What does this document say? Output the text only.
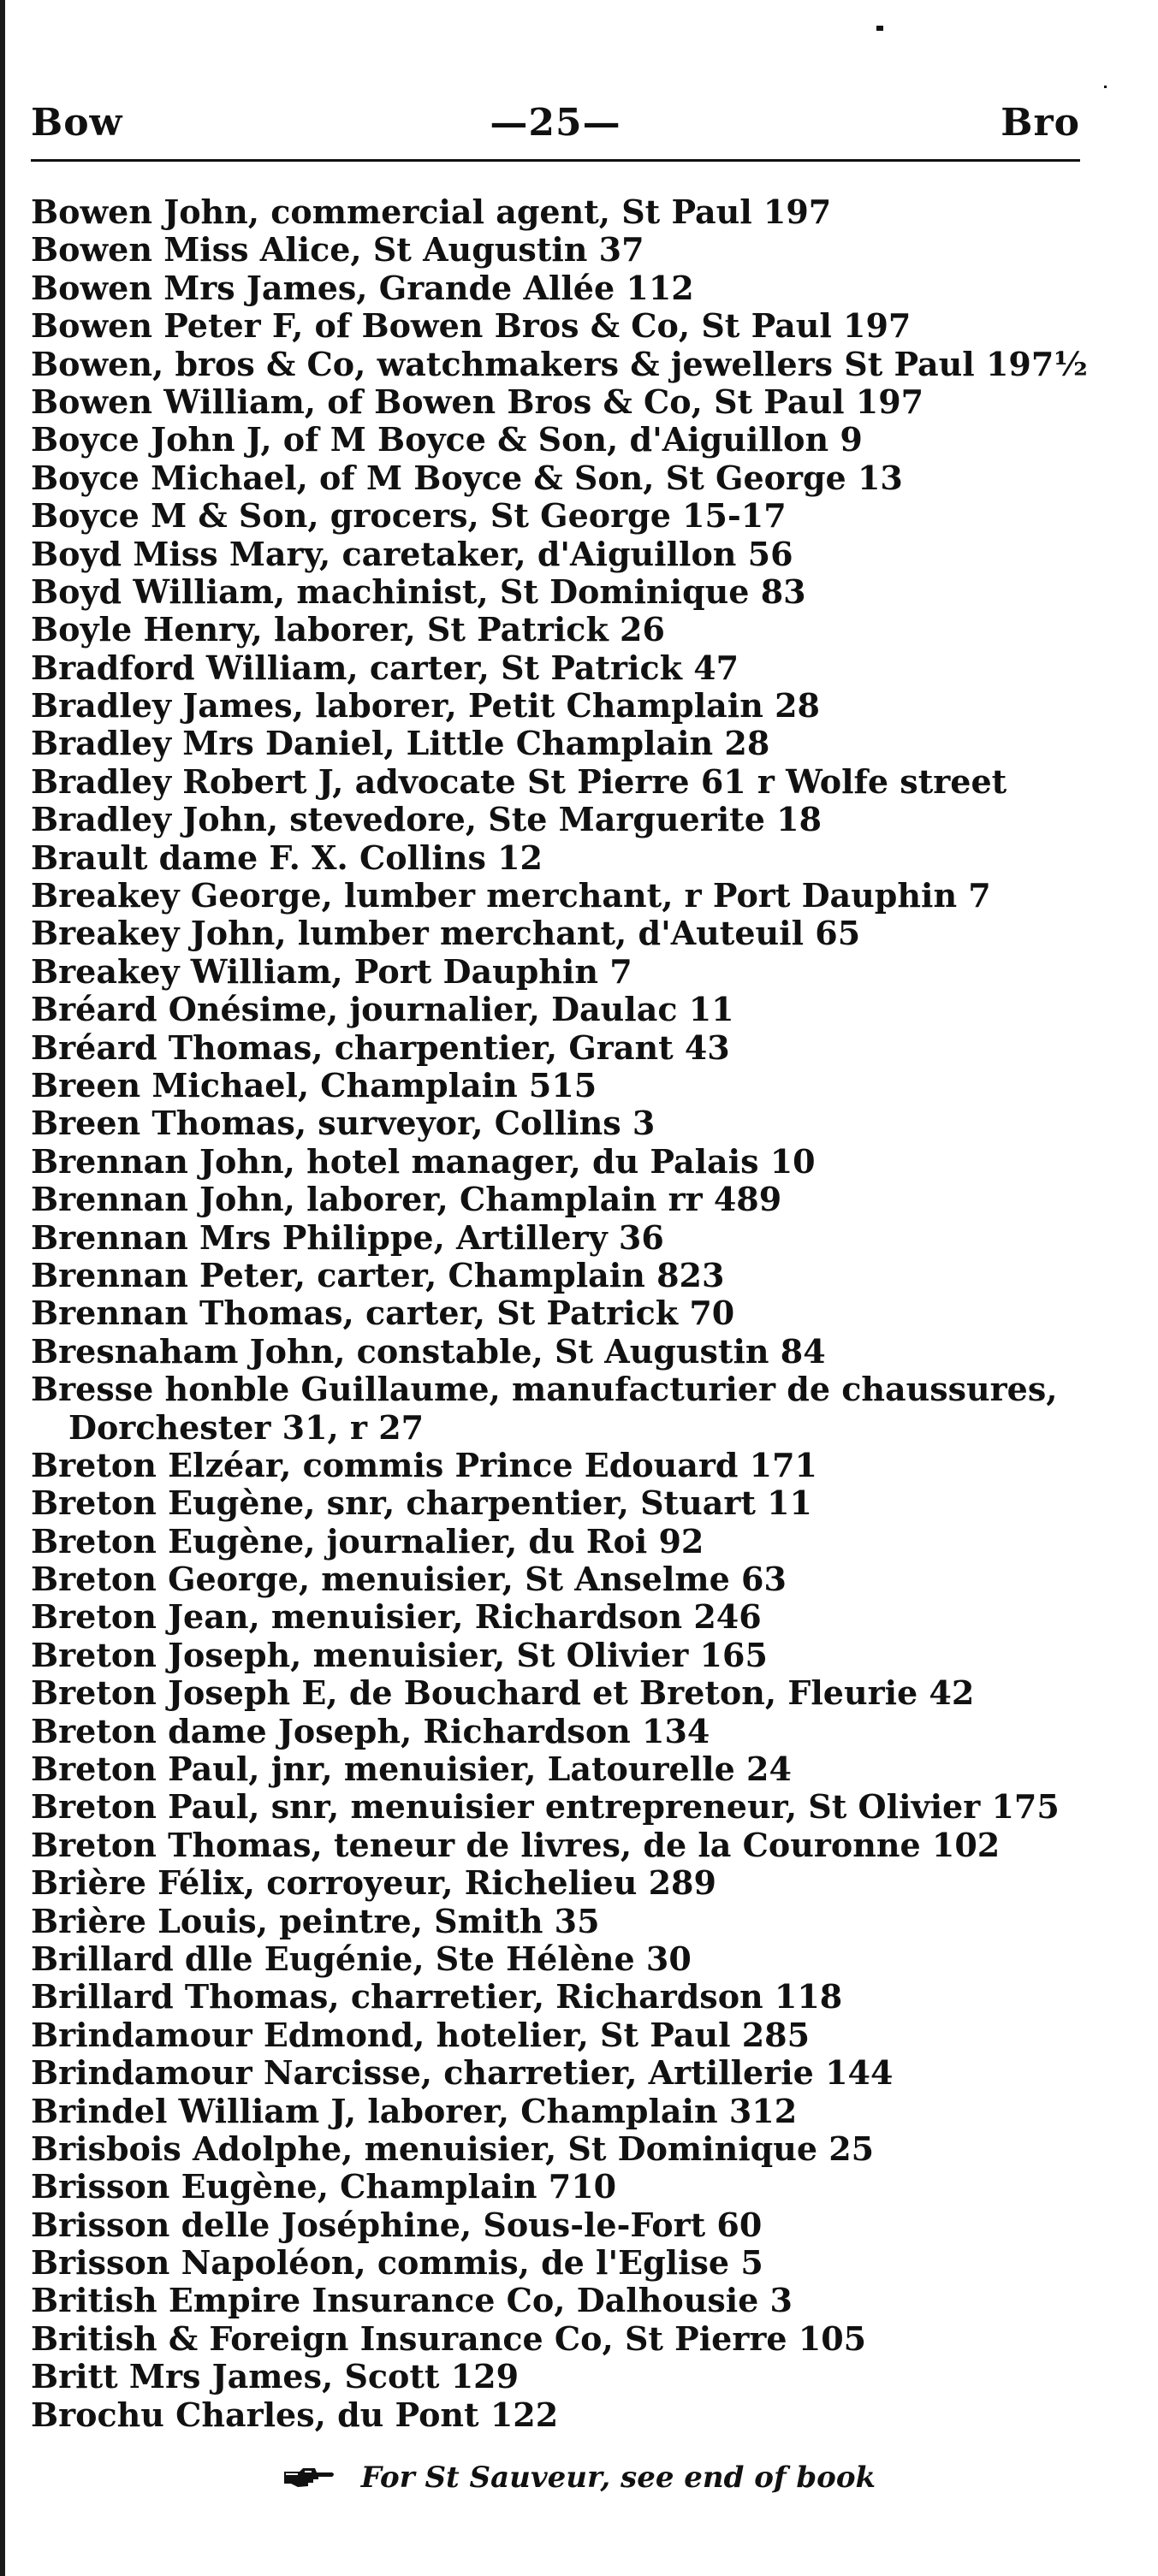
Bow	—25—	Bro
Bowen John, commercial agent, St Paul 197
Bowen Miss Alice, St Augustin 37
Bowen Mrs James, Grande Allée 112
Bowen Peter F, of Bowen Bros & Co, St Paul 197
Bowen, bros & Co, watchmakers & jewellers St Paul 197½
Bowen William, of Bowen Bros & Co, St Paul 197
Boyce John J, of M Boyce & Son, d'Aiguillon 9
Boyce Michael, of M Boyce & Son, St George 13
Boyce M & Son, grocers, St George 15-17
Boyd Miss Mary, caretaker, d'Aiguillon 56
Boyd William, machinist, St Dominique 83
Boyle Henry, laborer, St Patrick 26
Bradford William, carter, St Patrick 47
Bradley James, laborer, Petit Champlain 28
Bradley Mrs Daniel, Little Champlain 28
Bradley Robert J, advocate St Pierre 61 r Wolfe street
Bradley John, stevedore, Ste Marguerite 18
Brault dame F. X. Collins 12
Breakey George, lumber merchant, r Port Dauphin 7
Breakey John, lumber merchant, d'Auteuil 65
Breakey William, Port Dauphin 7
Bréard Onésime, journalier, Daulac 11
Bréard Thomas, charpentier, Grant 43
Breen Michael, Champlain 515
Breen Thomas, surveyor, Collins 3
Brennan John, hotel manager, du Palais 10
Brennan John, laborer, Champlain rr 489
Brennan Mrs Philippe, Artillery 36
Brennan Peter, carter, Champlain 823
Brennan Thomas, carter, St Patrick 70
Bresnaham John, constable, St Augustin 84
Bresse honble Guillaume, manufacturier de chaussures,
Dorchester 31, r 27
Breton Elzéar, commis Prince Edouard 171
Breton Eugène, snr, charpentier, Stuart 11
Breton Eugène, journalier, du Roi 92
Breton George, menuisier, St Anselme 63
Breton Jean, menuisier, Richardson 246
Breton Joseph, menuisier, St Olivier 165
Breton Joseph E, de Bouchard et Breton, Fleurie 42
Breton dame Joseph, Richardson 134
Breton Paul, jnr, menuisier, Latourelle 24
Breton Paul, snr, menuisier entrepreneur, St Olivier 175
Breton Thomas, teneur de livres, de la Couronne 102
Brière Félix, corroyeur, Richelieu 289
Brière Louis, peintre, Smith 35
Brillard dlle Eugénie, Ste Hélène 30
Brillard Thomas, charretier, Richardson 118
Brindamour Edmond, hotelier, St Paul 285
Brindamour Narcisse, charretier, Artillerie 144
Brindel William J, laborer, Champlain 312
Brisbois Adolphe, menuisier, St Dominique 25
Brisson Eugène, Champlain 710
Brisson delle Joséphine, Sous-le-Fort 60
Brisson Napoléon, commis, de l'Eglise 5
British Empire Insurance Co, Dalhousie 3
British & Foreign Insurance Co, St Pierre 105
Britt Mrs James, Scott 129
Brochu Charles, du Pont 122
For St Sauveur, see end of book
